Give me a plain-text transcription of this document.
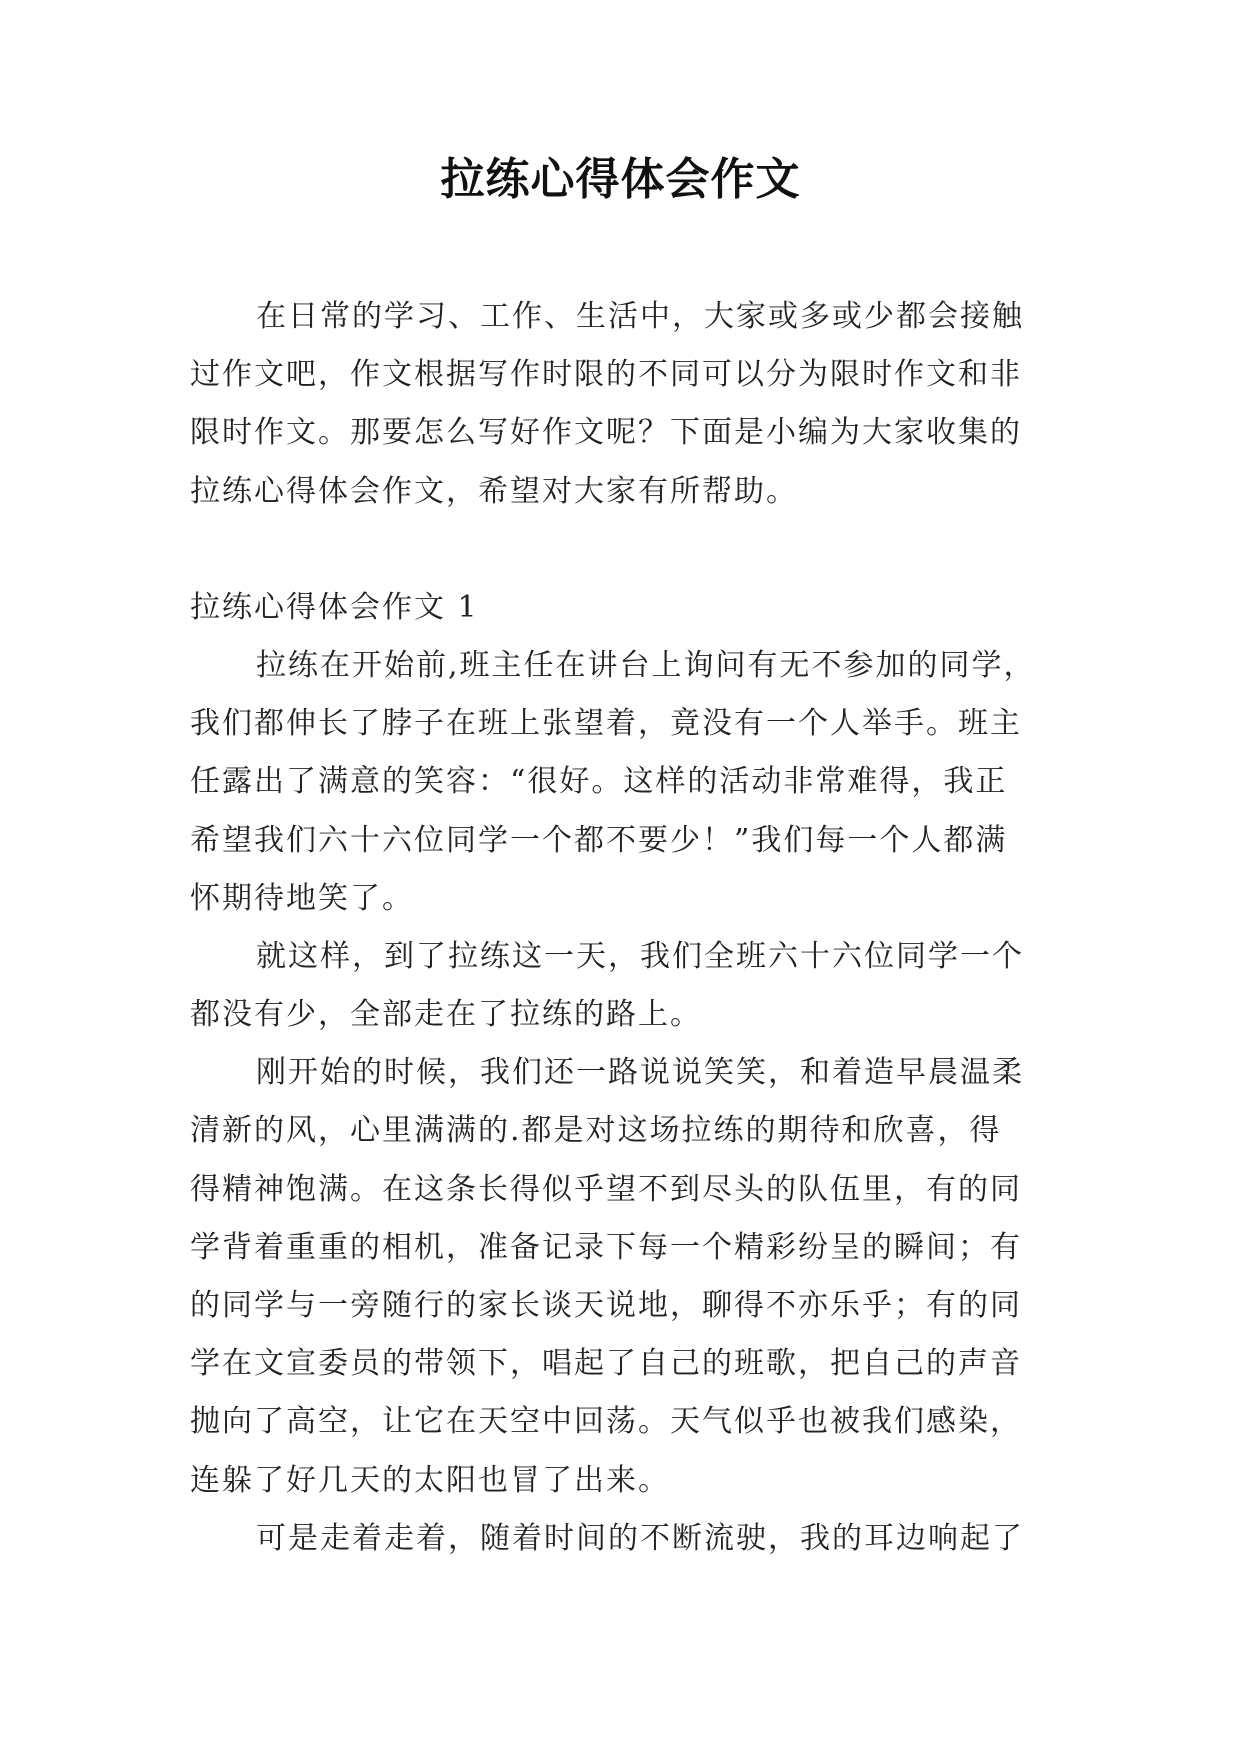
拉练心得体会作文
在日常的学习、工作、生活中，大家或多或少都会接触
过作文吧，作文根据写作时限的不同可以分为限时作文和非
限时作文。那要怎么写好作文呢？下面是小编为大家收集的
拉练心得体会作文，希望对大家有所帮助。
拉练心得体会作文 1
拉练在开始前,班主任在讲台上询问有无不参加的同学，
我们都伸长了脖子在班上张望着，竟没有一个人举手。班主
任露出了满意的笑容：“很好。这样的活动非常难得，我正
希望我们六十六位同学一个都不要少！”我们每一个人都满
怀期待地笑了。
就这样，到了拉练这一天，我们全班六十六位同学一个
都没有少，全部走在了拉练的路上。
刚开始的时候，我们还一路说说笑笑，和着造早晨温柔
清新的风，心里满满的.都是对这场拉练的期待和欣喜，得
得精神饱满。在这条长得似乎望不到尽头的队伍里，有的同
学背着重重的相机，准备记录下每一个精彩纷呈的瞬间；有
的同学与一旁随行的家长谈天说地，聊得不亦乐乎；有的同
学在文宣委员的带领下，唱起了自己的班歌，把自己的声音
抛向了高空，让它在天空中回荡。天气似乎也被我们感染，
连躲了好几天的太阳也冒了出来。
可是走着走着，随着时间的不断流驶，我的耳边响起了
